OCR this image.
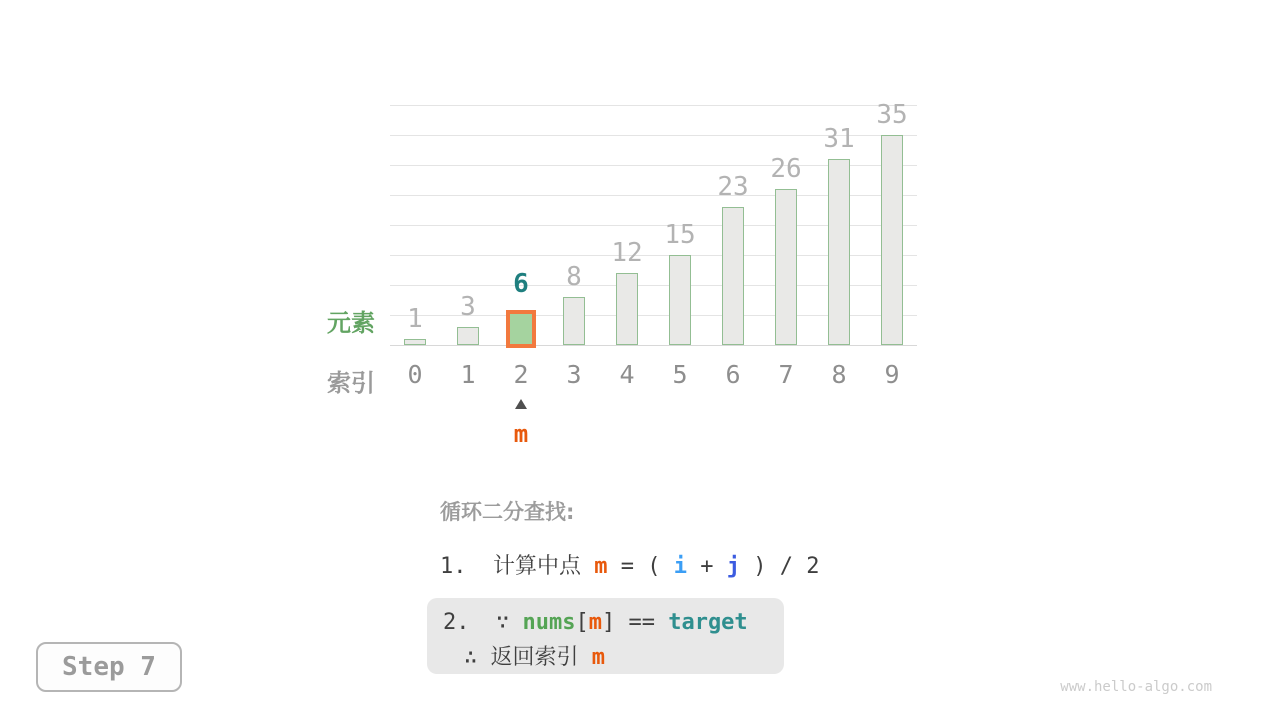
1	3
6	8
12
15
23
26
31
35
元素
索引	0	1	2	3	4	5	6	7	8	9
m
循环二分查找:
1.  计算中点 m = ( i + j ) / 2
2.  ∵ nums[m] == target
∴ 返回索引 m
Step 7
www.hello-algo.com
